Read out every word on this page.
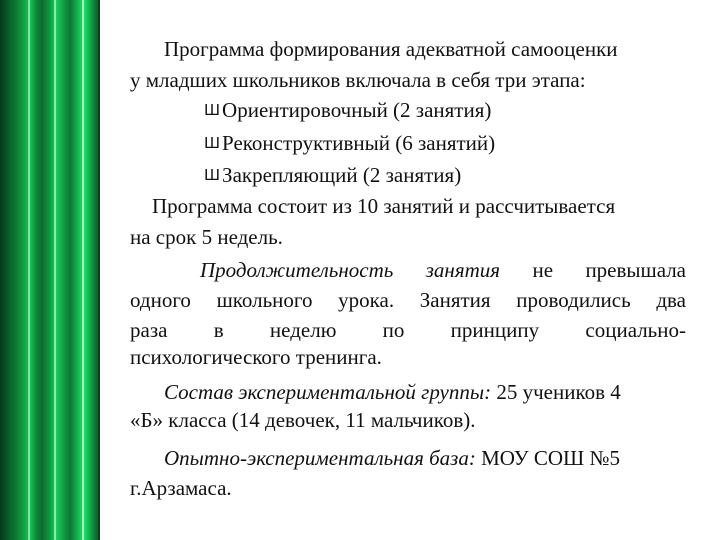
Программа формирования адекватной самооценки
у младших школьников включала в себя три этапа:
ШОриентировочный (2 занятия)
ШРеконструктивный (6 занятий)
ШЗакрепляющий (2 занятия)
Программа состоит из 10 занятий и рассчитывается
на срок 5 недель.
Продолжительность занятия не превышала
одного школьного урока. Занятия проводились два
раза в неделю по принципу социально-
психологического тренинга.
Состав экспериментальной группы: 25 учеников 4
«Б» класса (14 девочек, 11 мальчиков).
Опытно-экспериментальная база: МОУ СОШ №5
г.Арзамаса.
